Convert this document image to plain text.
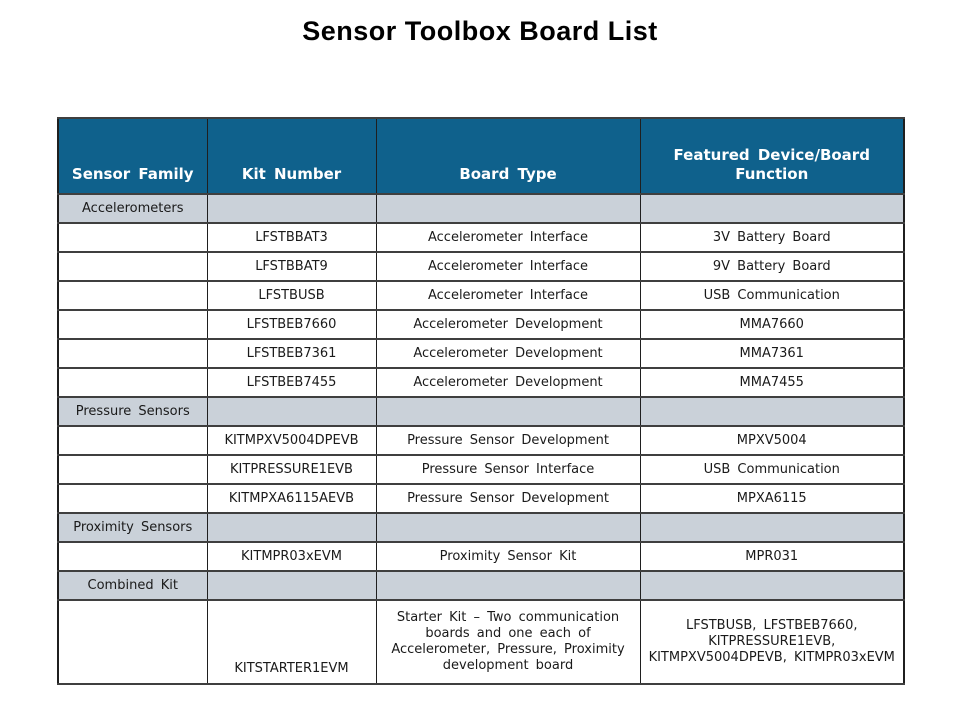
Sensor Toolbox Board List
Sensor Family	Kit Number	Board Type	Featured Device/Board Function
Accelerometers			
	LFSTBBAT3	Accelerometer Interface	3V Battery Board
	LFSTBBAT9	Accelerometer Interface	9V Battery Board
	LFSTBUSB	Accelerometer Interface	USB Communication
	LFSTBEB7660	Accelerometer Development	MMA7660
	LFSTBEB7361	Accelerometer Development	MMA7361
	LFSTBEB7455	Accelerometer Development	MMA7455
Pressure Sensors			
	KITMPXV5004DPEVB	Pressure Sensor Development	MPXV5004
	KITPRESSURE1EVB	Pressure Sensor Interface	USB Communication
	KITMPXA6115AEVB	Pressure Sensor Development	MPXA6115
Proximity Sensors			
	KITMPR03xEVM	Proximity Sensor Kit	MPR031
Combined Kit			
	KITSTARTER1EVM	Starter Kit – Two communication boards and one each of Accelerometer, Pressure, Proximity development board	LFSTBUSB, LFSTBEB7660, KITPRESSURE1EVB, KITMPXV5004DPEVB, KITMPR03xEVM
